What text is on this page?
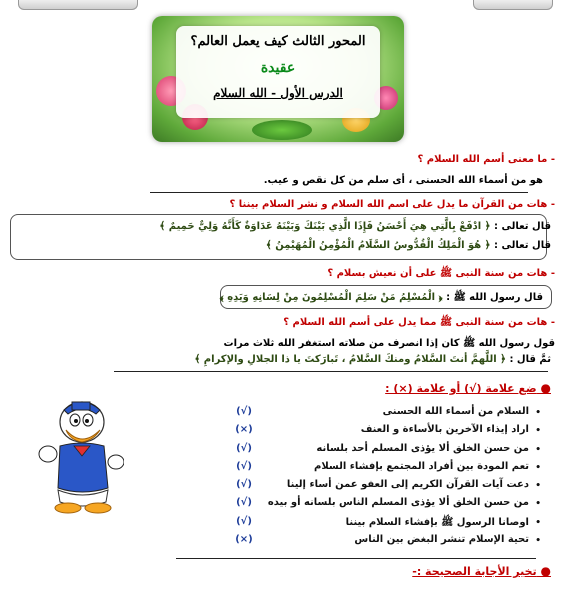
المحور الثالث كيف يعمل العالم؟
عقيدة
الدرس الأول - الله السلام
- ما معنى أسم الله السلام ؟
هو من أسماء الله الحسنى ، أى سلم من كل نقص و عيب.
- هات من القرآن ما يدل على اسم الله السلام و نشر السلام بيننا ؟
قال تعالى : ﴿ ادْفَعْ بِالَّتِي هِيَ أَحْسَنُ فَإِذَا الَّذِي بَيْنَكَ وَبَيْنَهُ عَدَاوَةٌ كَأَنَّهُ وَلِيٌّ حَمِيمٌ ﴾
قال تعالى : ﴿ هُوَ الْمَلِكُ الْقُدُّوسُ السَّلَامُ الْمُؤْمِنُ الْمُهَيْمِنُ ﴾
- هات من سنة النبى ﷺ على أن نعيش بسلام ؟
قال رسول الله ﷺ : ﴿ الْمُسْلِمُ مَنْ سَلِمَ الْمُسْلِمُونَ مِنْ لِسَانِهِ وَيَدِهِ ﴾
- هات من سنة النبى ﷺ مما يدل على أسم الله السلام ؟
قول رسول الله ﷺ كان إذا انصرف من صلاته استغفر الله ثلاث مرات
ثمَّ قال : ﴿ اللَّهمَّ أنتَ السَّلامُ ومنكَ السَّلامُ ، تَبارَكتَ يا ذا الجلالِ والإكرامِ ﴾
● ضع علامة (√) أو علامة (×) :
•
السلام من أسماء الله الحسنى
•
اراد إيذاء الآخرين بالأساءة و العنف
•
من حسن الخلق ألا يؤذى المسلم أحد بلسانه
•
تعم المودة بين أفراد المجتمع بإفشاء السلام
•
دعت آيات القرآن الكريم إلى العفو عمن أساء إلينا
•
من حسن الخلق ألا يؤذى المسلم الناس بلسانه أو بيده
•
اوصانا الرسول ﷺ بإفشاء السلام بيننا
•
تحية الإسلام تنشر البغض بين الناس
(√)
(×)
(√)
(√)
(√)
(√)
(√)
(×)
● تخير الأجابة الصحيحة :-
